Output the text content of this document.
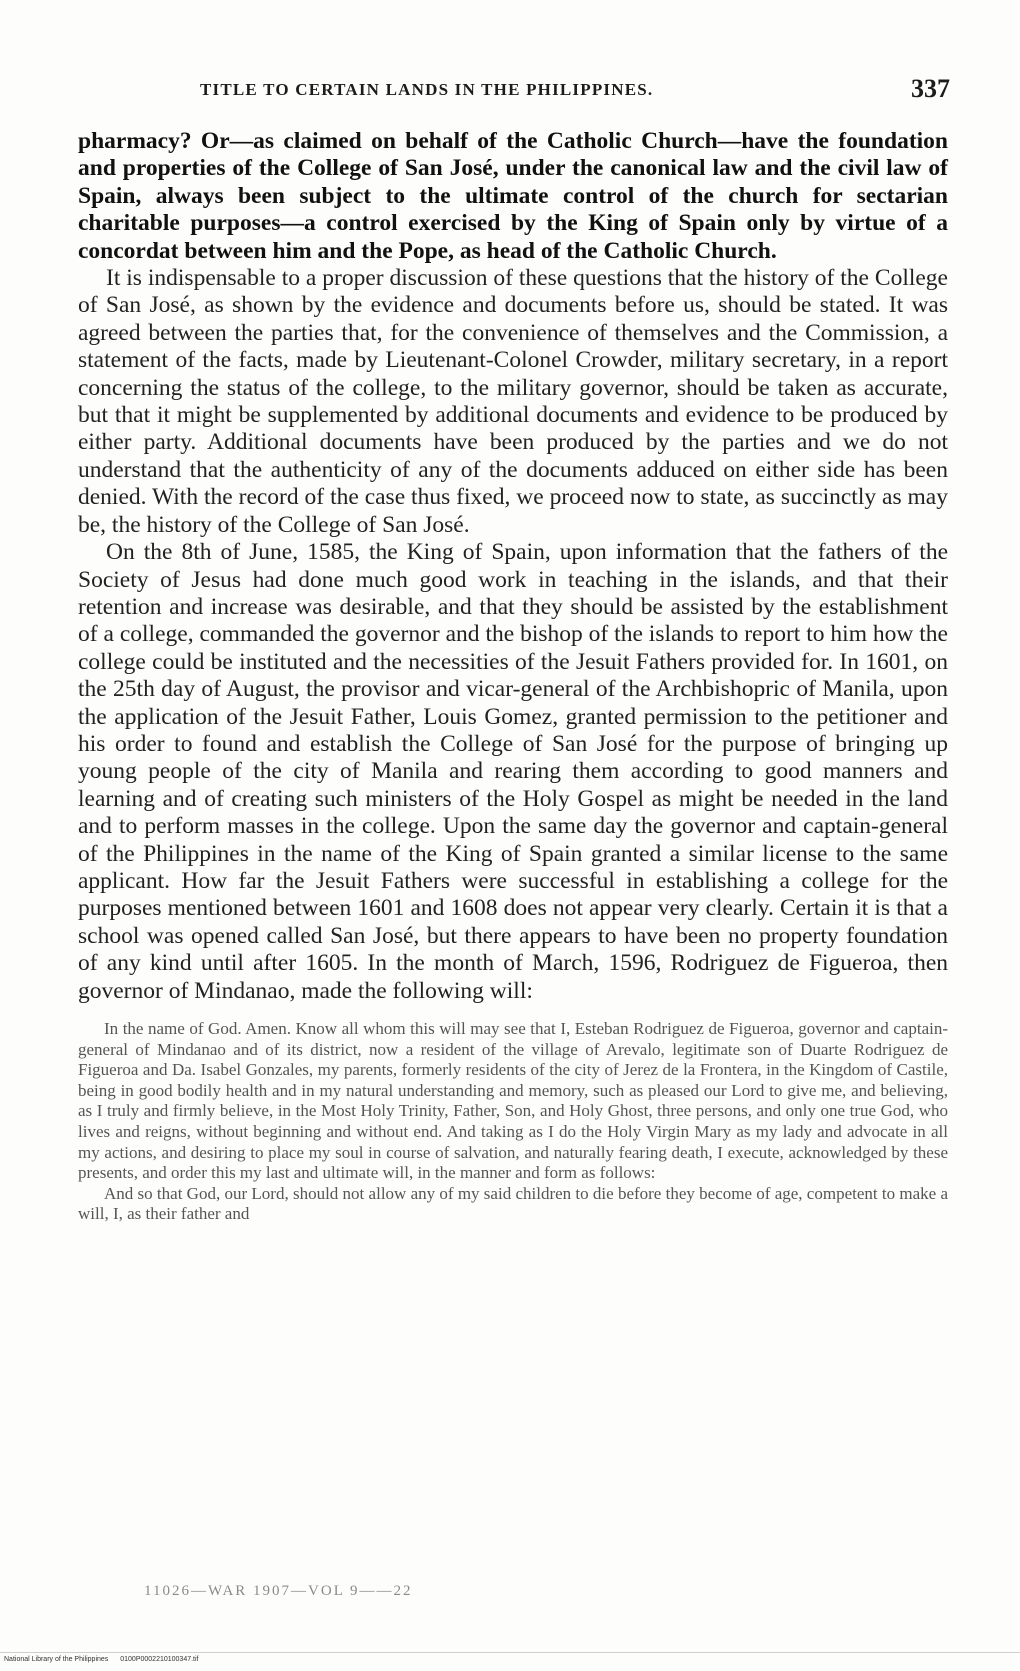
TITLE TO CERTAIN LANDS IN THE PHILIPPINES.	337

pharmacy? Or—as claimed on behalf of the Catholic Church—have the foundation and properties of the College of San José, under the canonical law and the civil law of Spain, always been subject to the ultimate control of the church for sectarian charitable purposes—a control exercised by the King of Spain only by virtue of a concordat between him and the Pope, as head of the Catholic Church.

It is indispensable to a proper discussion of these questions that the history of the College of San José, as shown by the evidence and documents before us, should be stated. It was agreed between the parties that, for the convenience of themselves and the Commission, a statement of the facts, made by Lieutenant-Colonel Crowder, military secretary, in a report concerning the status of the college, to the military governor, should be taken as accurate, but that it might be supplemented by additional documents and evidence to be produced by either party. Additional documents have been produced by the parties and we do not understand that the authenticity of any of the documents adduced on either side has been denied. With the record of the case thus fixed, we proceed now to state, as succinctly as may be, the history of the College of San José.

On the 8th of June, 1585, the King of Spain, upon information that the fathers of the Society of Jesus had done much good work in teaching in the islands, and that their retention and increase was desirable, and that they should be assisted by the establishment of a college, commanded the governor and the bishop of the islands to report to him how the college could be instituted and the necessities of the Jesuit Fathers provided for. In 1601, on the 25th day of August, the provisor and vicar-general of the Archbishopric of Manila, upon the application of the Jesuit Father, Louis Gomez, granted permission to the petitioner and his order to found and establish the College of San José for the purpose of bringing up young people of the city of Manila and rearing them according to good manners and learning and of creating such ministers of the Holy Gospel as might be needed in the land and to perform masses in the college. Upon the same day the governor and captain-general of the Philippines in the name of the King of Spain granted a similar license to the same applicant. How far the Jesuit Fathers were successful in establishing a college for the purposes mentioned between 1601 and 1608 does not appear very clearly. Certain it is that a school was opened called San José, but there appears to have been no property foundation of any kind until after 1605. In the month of March, 1596, Rodriguez de Figueroa, then governor of Mindanao, made the following will:

In the name of God. Amen. Know all whom this will may see that I, Esteban Rodriguez de Figueroa, governor and captain-general of Mindanao and of its district, now a resident of the village of Arevalo, legitimate son of Duarte Rodriguez de Figueroa and Da. Isabel Gonzales, my parents, formerly residents of the city of Jerez de la Frontera, in the Kingdom of Castile, being in good bodily health and in my natural understanding and memory, such as pleased our Lord to give me, and believing, as I truly and firmly believe, in the Most Holy Trinity, Father, Son, and Holy Ghost, three persons, and only one true God, who lives and reigns, without beginning and without end. And taking as I do the Holy Virgin Mary as my lady and advocate in all my actions, and desiring to place my soul in course of salvation, and naturally fearing death, I execute, acknowledged by these presents, and order this my last and ultimate will, in the manner and form as follows:

And so that God, our Lord, should not allow any of my said children to die before they become of age, competent to make a will, I, as their father and

11026—WAR 1907—VOL 9——22
National Library of the Philippines 0100P0002210100347.tif
